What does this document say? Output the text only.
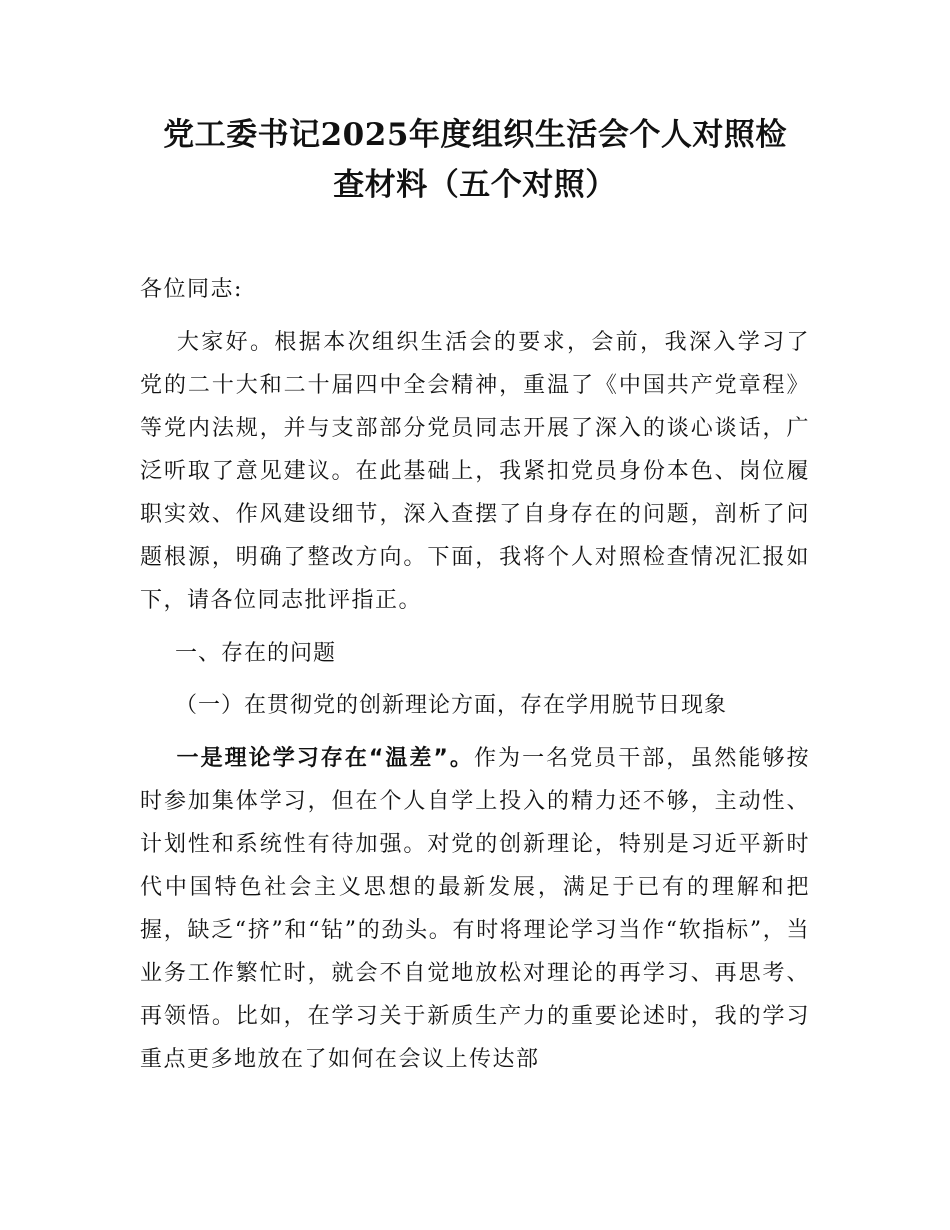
党工委书记2025年度组织生活会个人对照检
查材料（五个对照）
各位同志:
大家好。根据本次组织生活会的要求，会前，我深入学习了党的二十大和二十届四中全会精神，重温了《中国共产党章程》等党内法规，并与支部部分党员同志开展了深入的谈心谈话，广泛听取了意见建议。在此基础上，我紧扣党员身份本色、岗位履职实效、作风建设细节，深入查摆了自身存在的问题，剖析了问题根源，明确了整改方向。下面，我将个人对照检查情况汇报如下，请各位同志批评指正。
一、存在的问题
（一）在贯彻党的创新理论方面，存在学用脱节日现象
一是理论学习存在“温差”。作为一名党员干部，虽然能够按时参加集体学习，但在个人自学上投入的精力还不够，主动性、计划性和系统性有待加强。对党的创新理论，特别是习近平新时代中国特色社会主义思想的最新发展，满足于已有的理解和把握，缺乏“挤”和“钻”的劲头。有时将理论学习当作“软指标”，当业务工作繁忙时，就会不自觉地放松对理论的再学习、再思考、再领悟。比如，在学习关于新质生产力的重要论述时，我的学习重点更多地放在了如何在会议上传达部
